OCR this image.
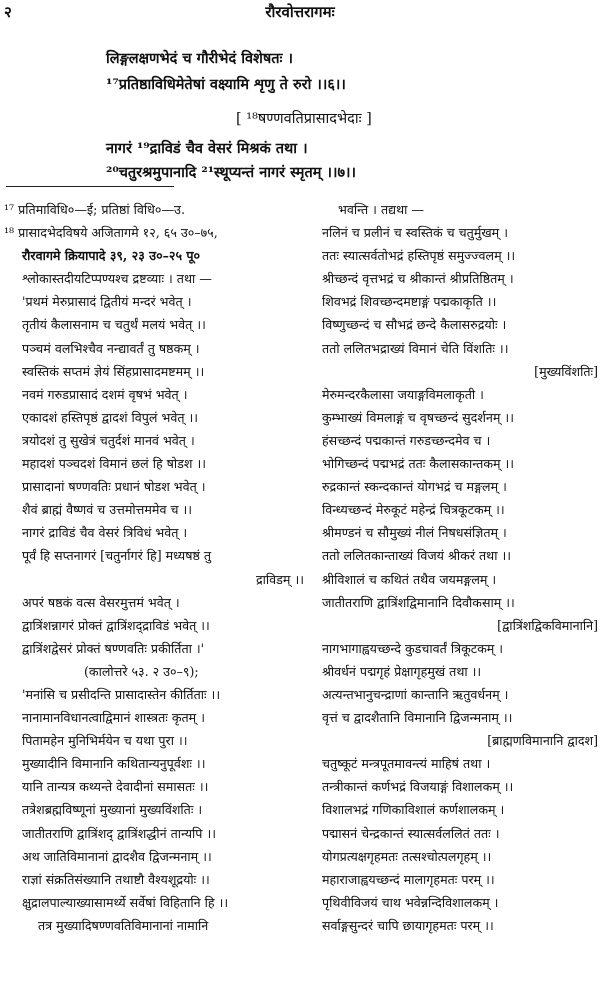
२	रौरवोत्तरागमः
लिङ्गलक्षणभेदं च गौरीभेदं विशेषतः ।
¹⁷प्रतिष्ठाविधिमेतेषां वक्ष्यामि शृणु ते रुरो ।।६।।
[ ¹⁸षण्णवतिप्रासादभेदाः ]
नागरं ¹⁹द्राविडं चैव वेसरं मिश्रकं तथा ।
²⁰चतुरश्रमुपानादि ²¹स्थूप्यन्तं नागरं स्मृतम् ।।७।।
¹⁷ प्रतिमाविधि०—ई; प्रतिष्ठां विधि०—उ.
¹⁸ प्रासादभेदविषये अजितागमे १२, ६५ उ०–७५,
रौरवागमे क्रियापादे ३९, २३ उ०–२५ पू०
श्लोकास्तदीयटिप्पण्यश्च द्रष्टव्याः । तथा —
'प्रथमं मेरुप्रासादं द्वितीयं मन्दरं भवेत् ।
तृतीयं कैलासनाम च चतुर्थं मलयं भवेत् ।।
पञ्चमं वलभिश्चैव नन्द्यावर्तं तु षष्ठकम् ।
स्वस्तिकं सप्तमं ज्ञेयं सिंहप्रासादमष्टमम् ।।
नवमं गरुडप्रासादं दशमं वृषभं भवेत् ।
एकादशं हस्तिपृष्ठं द्वादशं विपुलं भवेत् ।।
त्रयोदशं तु सुखेत्रं चतुर्दशं मानवं भवेत् ।
महादशं पञ्चदशं विमानं छलं हि षोडश ।।
प्रासादानां षण्णवतिः प्रधानं षोडश भवेत् ।
शैवं ब्राह्मं वैष्णवं च उत्तमोत्तममेव च ।।
नागरं द्राविडं चैव वेसरं त्रिविधं भवेत् ।
पूर्वं हि सप्तनागरं [चतुर्नागरं हि] मध्यषष्ठं तु
द्राविडम् ।।
अपरं षष्ठकं वत्स वेसरमुत्तमं भवेत् ।
द्वात्रिंशन्नागरं प्रोक्तं द्वात्रिंशद्द्राविडं भवेत् ।।
द्वात्रिंशद्वेसरं प्रोक्तं षण्णवतिः प्रकीर्तिता ।'
(कालोत्तरे ५३. २ उ०–९);
'मनांसि च प्रसीदन्ति प्रासादास्तेन कीर्तिताः ।।
नानामानविधानत्वाद्विमानं शास्त्रतः कृतम् ।
पितामहेन मुनिभिर्मयेन च यथा पुरा ।।
मुख्यादीनि विमानानि कथितान्यनुपूर्वशः ।।
यानि तान्यत्र कथ्यन्ते देवादीनां समासतः ।।
तत्रेशब्रह्मविष्णूनां मुख्यानां मुख्यविंशतिः ।
जातीतराणि द्वात्रिंशद् द्वात्रिंशद्धीनं तान्यपि ।।
अथ जातिविमानानां द्वादशैव द्विजन्मनाम् ।।
राज्ञां संक्रतिसंख्यानि तथाष्टौ वैश्यशूद्रयोः ।।
क्षुद्रालपाल्याख्यासामर्थ्ये सर्वेषां विहितानि हि ।।
तत्र मुख्यादिषण्णवतिविमानानां नामानि
भवन्ति । तद्यथा —
नलिनं च प्रलीनं च स्वस्तिकं च चतुर्मुखम् ।
ततः स्यात्सर्वतोभद्रं हस्तिपृष्ठं समुज्ज्वलम् ।।
श्रीच्छन्दं वृत्तभद्रं च श्रीकान्तं श्रीप्रतिष्ठितम् ।
शिवभद्रं शिवच्छन्दमष्टाङ्गं पद्मकाकृति ।।
विष्णुच्छन्दं च सौभद्रं छन्दे कैलासरुद्रयोः ।
ततो ललितभद्राख्यं विमानं चेति विंशतिः ।।
[मुख्यविंशतिः]
मेरुमन्दरकैलासा जयाङ्गविमलाकृती ।
कुम्भाख्यं विमलाङ्गं च वृषच्छन्दं सुदर्शनम् ।।
हंसच्छन्दं पद्मकान्तं गरुडच्छन्दमेव च ।
भोगिच्छन्दं पद्मभद्रं ततः कैलासकान्तकम् ।।
रुद्रकान्तं स्कन्दकान्तं योगभद्रं च मङ्गलम् ।
विन्ध्यच्छन्दं मेरुकूटं महेन्द्रं चित्रकूटकम् ।।
श्रीमण्डनं च सौमुख्यं नीलं निषधसंज्ञितम् ।
ततो ललितकान्ताख्यं विजयं श्रीकरं तथा ।।
श्रीविशालं च कथितं तथैव जयमङ्गलम् ।
जातीतराणि द्वात्रिंशद्विमानानि दिवौकसाम् ।।
[द्वात्रिंशद्विकविमानानि]
नागभागाह्वयच्छन्दे कुडचावर्तं त्रिकूटकम् ।
श्रीवर्धनं पद्मगृहं प्रेक्षागृहमुखं तथा ।।
अत्यन्तभानुचन्द्राणां कान्तानि ऋतुवर्धनम् ।
वृत्तं च द्वादशैतानि विमानानि द्विजन्मनाम् ।।
[ब्राह्मणविमानानि द्वादश]
चतुष्कूटं मन्त्रपूतमावन्त्यं माहिषं तथा ।
तन्त्रीकान्तं कर्णभद्रं विजयाङ्गं विशालकम् ।।
विशालभद्रं गणिकाविशालं कर्णशालकम् ।
पद्मासनं चेन्द्रकान्तं स्यात्सर्वललितं ततः ।
योगप्रत्यक्षगृहमतः तत्सश्चोत्पलगृहम् ।।
महाराजाह्वयच्छन्दं मालागृहमतः परम् ।।
पृथिवीविजयं चाथ भवेन्नन्दिविशालकम् ।
सर्वाङ्गसुन्दरं चापि छायागृहमतः परम् ।।
